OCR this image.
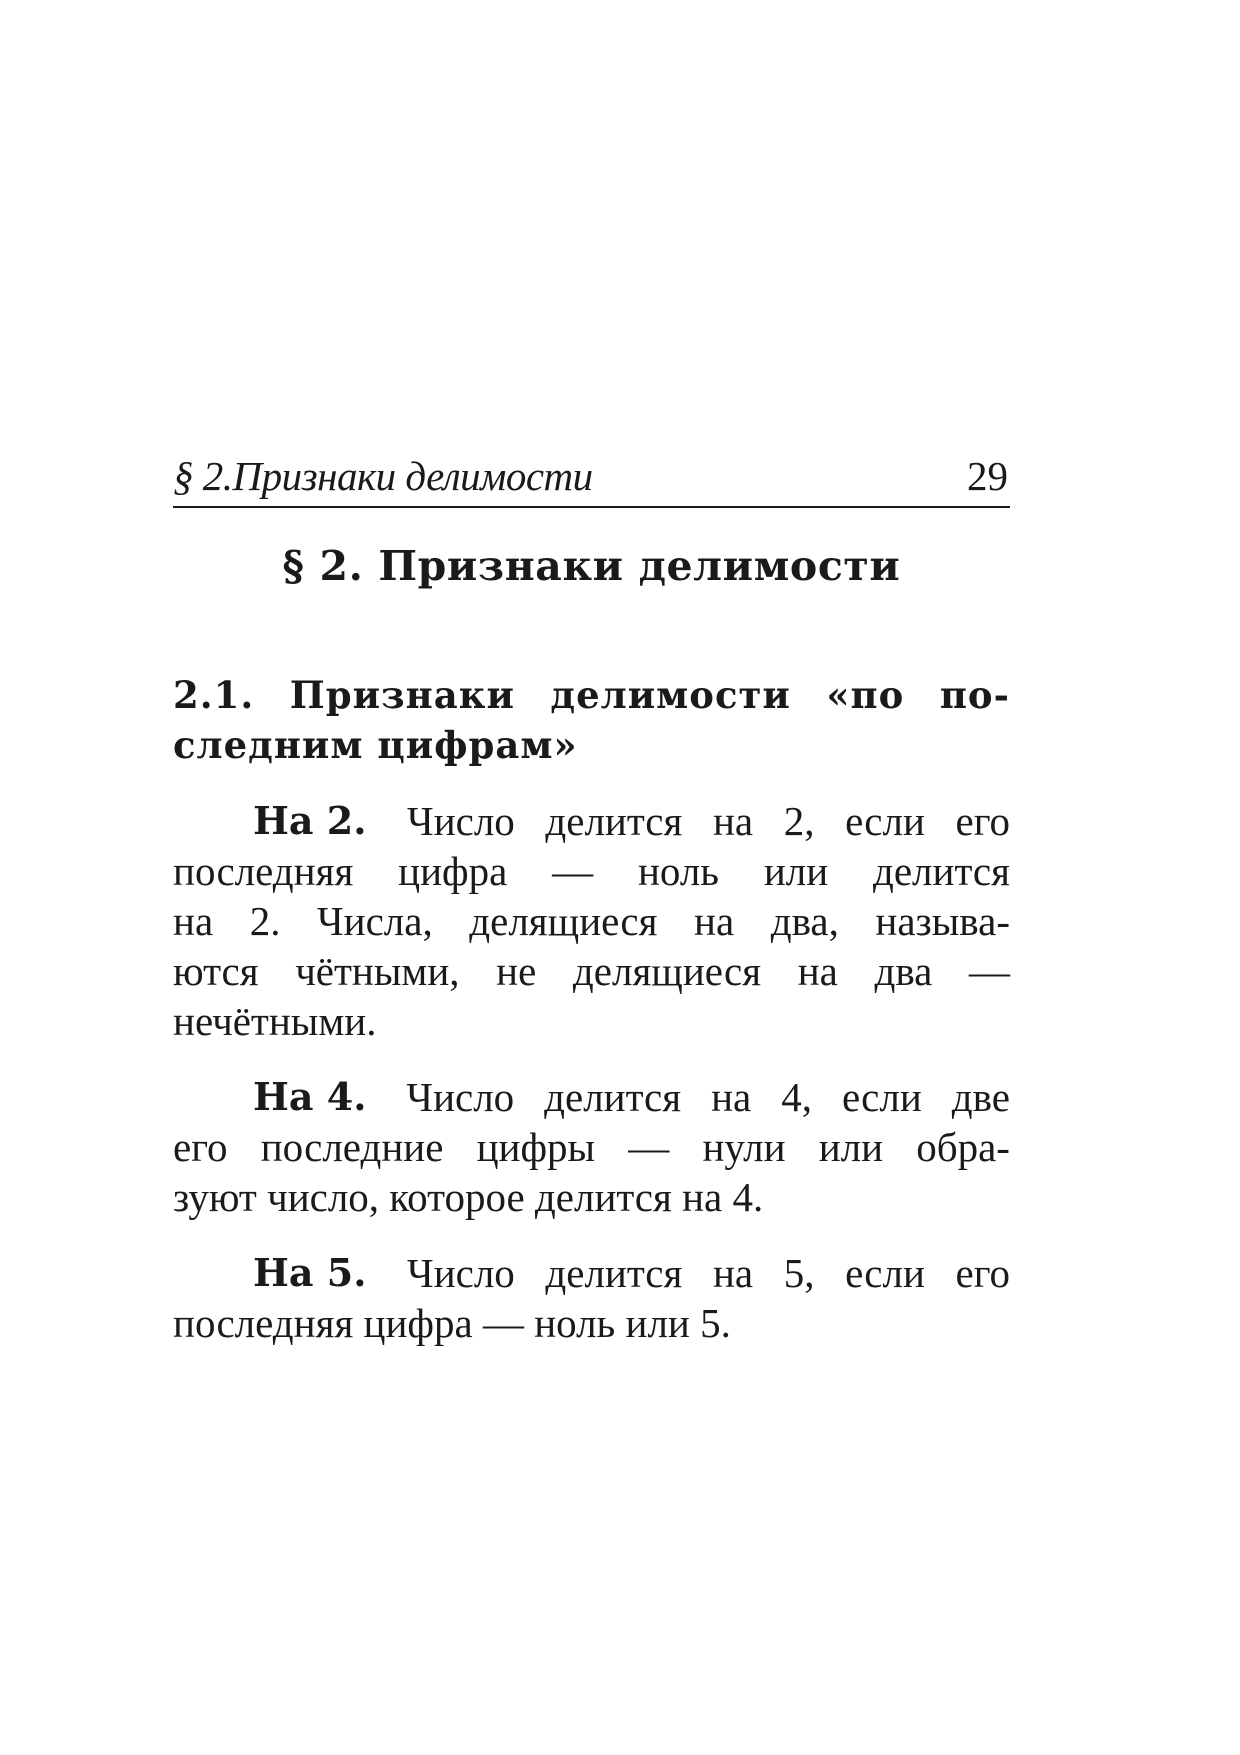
§ 2.Признаки делимости	29
§ 2. Признаки делимости
2.1. Признаки делимости «по по-
следним цифрам»
На 2. Число делится на 2, если его
последняя цифра — ноль или делится
на 2. Числа, делящиеся на два, называ-
ются чётными, не делящиеся на два —
нечётными.
На 4. Число делится на 4, если две
его последние цифры — нули или обра-
зуют число, которое делится на 4.
На 5. Число делится на 5, если его
последняя цифра — ноль или 5.
